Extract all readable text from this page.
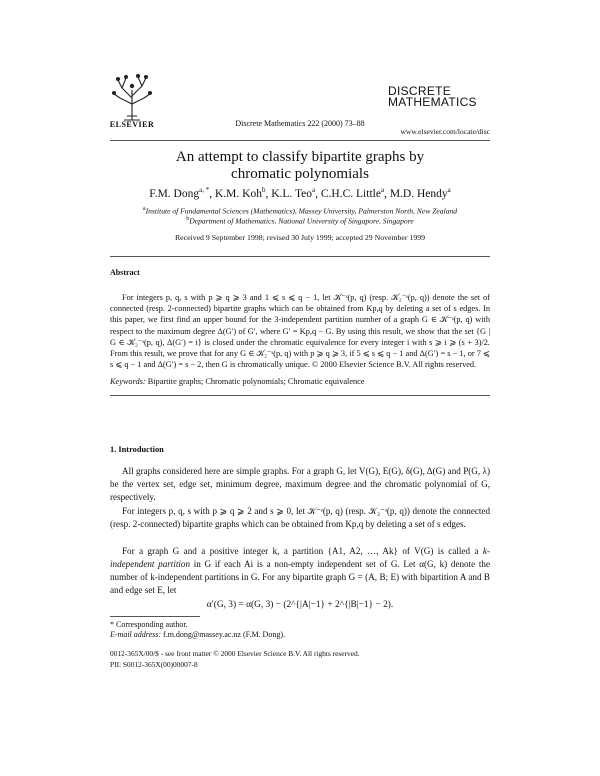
ELSEVIER	Discrete Mathematics 222 (2000) 73–88
DISCRETE
MATHEMATICS
www.elsevier.com/locate/disc
An attempt to classify bipartite graphs by
chromatic polynomials
F.M. Dong$^{a, *}$, K.M. Koh$^b$, K.L. Teo$^a$, C.H.C. Little$^a$, M.D. Hendy$^a$
$^a$Institute of Fundamental Sciences (Mathematics), Massey University, Palmerston North, New Zealand
$^b$Department of Mathematics, National University of Singapore, Singapore
Received 9 September 1998; revised 30 July 1999; accepted 29 November 1999
Abstract
For integers p, q, s with p ⩾ q ⩾ 3 and 1 ⩽ s ⩽ q − 1, let 𝒦⁻ˢ(p, q) (resp. 𝒦₂⁻ˢ(p, q)) denote the set of connected (resp. 2-connected) bipartite graphs which can be obtained from Kp,q by deleting a set of s edges. In this paper, we first find an upper bound for the 3-independent partition number of a graph G ∈ 𝒦⁻ˢ(p, q) with respect to the maximum degree Δ(G′) of G′, where G′ = Kp,q − G. By using this result, we show that the set {G | G ∈ 𝒦₂⁻ˢ(p, q), Δ(G′) = i} is closed under the chromatic equivalence for every integer i with s ⩾ i ⩾ (s + 3)/2. From this result, we prove that for any G ∈ 𝒦₂⁻ˢ(p, q) with p ⩾ q ⩾ 3, if 5 ⩽ s ⩽ q − 1 and Δ(G′) = s − 1, or 7 ⩽ s ⩽ q − 1 and Δ(G′) = s − 2, then G is chromatically unique. © 2000 Elsevier Science B.V. All rights reserved.
Keywords: Bipartite graphs; Chromatic polynomials; Chromatic equivalence
1. Introduction
All graphs considered here are simple graphs. For a graph G, let V(G), E(G), δ(G), Δ(G) and P(G, λ) be the vertex set, edge set, minimum degree, maximum degree and the chromatic polynomial of G, respectively.
For integers p, q, s with p ⩾ q ⩾ 2 and s ⩾ 0, let 𝒦⁻ˢ(p, q) (resp. 𝒦₂⁻ˢ(p, q)) denote the connected (resp. 2-connected) bipartite graphs which can be obtained from Kp,q by deleting a set of s edges.
For a graph G and a positive integer k, a partition {A1, A2, …, Ak} of V(G) is called a k-independent partition in G if each Ai is a non-empty independent set of G. Let α(G, k) denote the number of k-independent partitions in G. For any bipartite graph G = (A, B; E) with bipartition A and B and edge set E, let
α′(G, 3) = α(G, 3) − (2^{|A|−1} + 2^{|B|−1} − 2).
* Corresponding author.
E-mail address: f.m.dong@massey.ac.nz (F.M. Dong).
0012-365X/00/$ - see front matter © 2000 Elsevier Science B.V. All rights reserved.
PII: S0012-365X(00)00007-8
